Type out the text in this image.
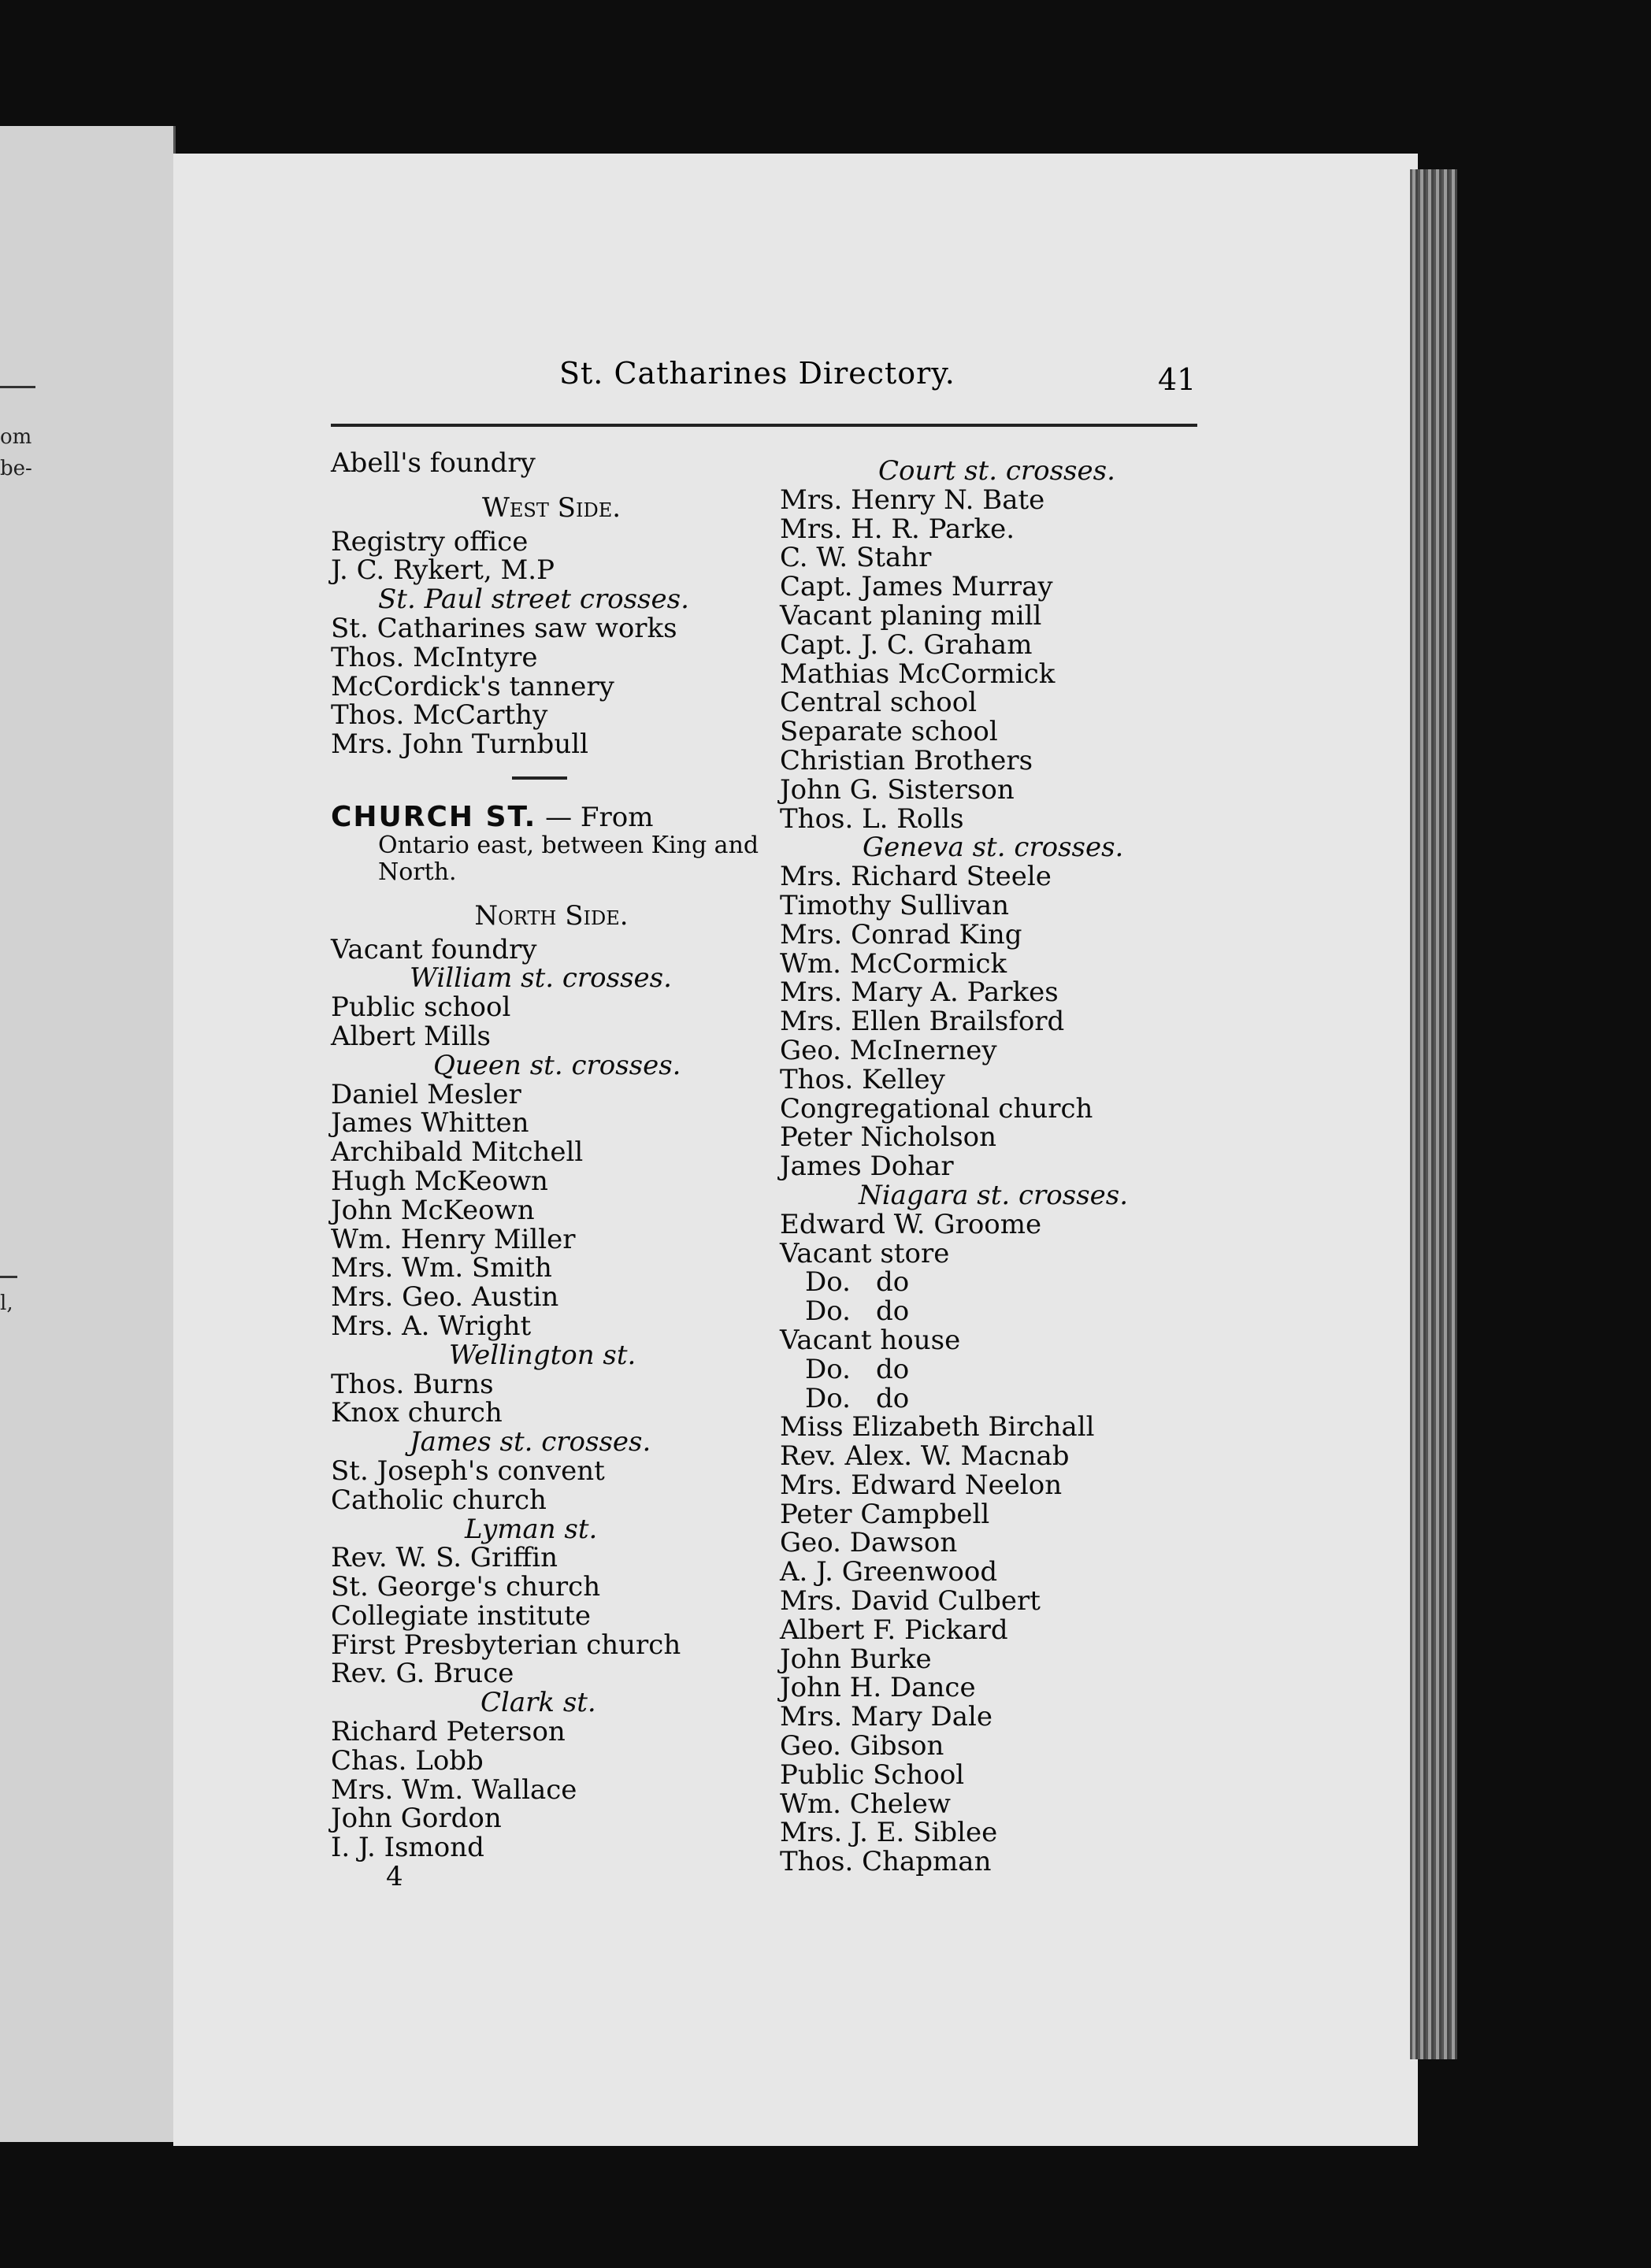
om
be-
l,
St. Catharines Directory.	41
Abell's foundry
West Side.
Registry office
J. C. Rykert, M.P
St. Paul street crosses.
St. Catharines saw works
Thos. McIntyre
McCordick's tannery
Thos. McCarthy
Mrs. John Turnbull
CHURCH ST. — From
Ontario east, between King and North.
North Side.
Vacant foundry
William st. crosses.
Public school
Albert Mills
Queen st. crosses.
Daniel Mesler
James Whitten
Archibald Mitchell
Hugh McKeown
John McKeown
Wm. Henry Miller
Mrs. Wm. Smith
Mrs. Geo. Austin
Mrs. A. Wright
Wellington st.
Thos. Burns
Knox church
James st. crosses.
St. Joseph's convent
Catholic church
Lyman st.
Rev. W. S. Griffin
St. George's church
Collegiate institute
First Presbyterian church
Rev. G. Bruce
Clark st.
Richard Peterson
Chas. Lobb
Mrs. Wm. Wallace
John Gordon
I. J. Ismond
4
Court st. crosses.
Mrs. Henry N. Bate
Mrs. H. R. Parke.
C. W. Stahr
Capt. James Murray
Vacant planing mill
Capt. J. C. Graham
Mathias McCormick
Central school
Separate school
Christian Brothers
John G. Sisterson
Thos. L. Rolls
Geneva st. crosses.
Mrs. Richard Steele
Timothy Sullivan
Mrs. Conrad King
Wm. McCormick
Mrs. Mary A. Parkes
Mrs. Ellen Brailsford
Geo. McInerney
Thos. Kelley
Congregational church
Peter Nicholson
James Dohar
Niagara st. crosses.
Edward W. Groome
Vacant store
Do. do
Do. do
Vacant house
Do. do
Do. do
Miss Elizabeth Birchall
Rev. Alex. W. Macnab
Mrs. Edward Neelon
Peter Campbell
Geo. Dawson
A. J. Greenwood
Mrs. David Culbert
Albert F. Pickard
John Burke
John H. Dance
Mrs. Mary Dale
Geo. Gibson
Public School
Wm. Chelew
Mrs. J. E. Siblee
Thos. Chapman
